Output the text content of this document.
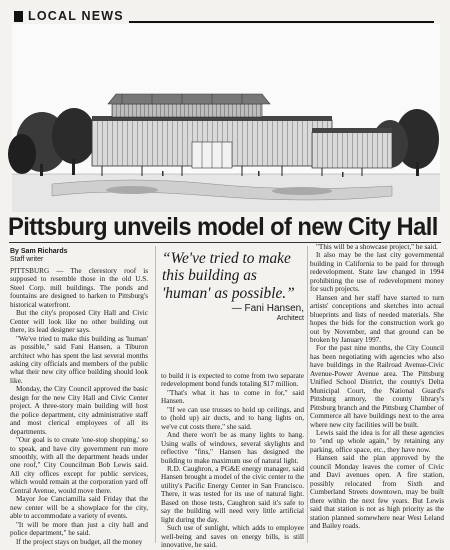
LOCAL NEWS
Pittsburg unveils model of new City Hall
By Sam Richards
Staff writer

PITTSBURG — The clerestory roof is supposed to resemble those in the old U.S. Steel Corp. mill buildings. The ponds and fountains are designed to harken to Pittsburg's historical waterfront.

But the city's proposed City Hall and Civic Center will look like no other building out there, its lead designer says.

"We've tried to make this building as 'human' as possible," said Fani Hansen, a Tiburon architect who has spent the last several months asking city officials and members of the public what their new city office building should look like.

Monday, the City Council approved the basic design for the new City Hall and Civic Center project. A three-story main building will host the police department, city administrative staff and most clerical employees of all its departments.

"Our goal is to create 'one-stop shopping,' so to speak, and have city government run more smoothly, with all the department heads under one roof," City Councilman Bob Lewis said. All city offices except for public services, which would remain at the corporation yard off Central Avenue, would move there.

Mayor Joe Canciamilla said Friday that the new center will be a showplace for the city, able to accommodate a variety of events.

"It will be more than just a city hall and police department," he said.

If the project stays on budget, all the money

“We've tried to make this building as 'human' as possible.”
— Fani Hansen,
Architect

to build it is expected to come from two separate redevelopment bond funds totaling $17 million.

"That's what it has to come in for," said Hansen.

"If we can use trusses to hold up ceilings, and to (hold up) air ducts, and to hang lights on, we've cut costs there," she said.

And there won't be as many lights to hang. Using walls of windows, several skylights and reflective "fins," Hansen has designed the building to make maximum use of natural light.

R.D. Caughron, a PG&E energy manager, said Hansen brought a model of the civic center to the utility's Pacific Energy Center in San Francisco. There, it was tested for its use of natural light. Based on those tests, Caughron said it's safe to say the building will need very little artificial light during the day.

Such use of sunlight, which adds to employee well-being and saves on energy bills, is still innovative, he said.

"This will be a showcase project," he said.

It also may be the last city governmental building in California to be paid for through redevelopment. State law changed in 1994 prohibiting the use of redevelopment money for such projects.

Hansen and her staff have started to turn artists' conceptions and sketches into actual blueprints and lists of needed materials. She hopes the bids for the construction work go out by November, and that ground can be broken by January 1997.

For the past nine months, the City Council has been negotiating with agencies who also have buildings in the Railroad Avenue-Civic Avenue-Power Avenue area. The Pittsburg Unified School District, the county's Delta Municipal Court, the National Guard's Pittsburg armory, the county library's Pittsburg branch and the Pittsburg Chamber of Commerce all have buildings next to the area where new city facilities will be built.

Lewis said the idea is for all these agencies to "end up whole again," by retaining any parking, office space, etc., they have now.

Hansen said the plan approved by the council Monday leaves the corner of Civic and Davi avenues open. A fire station, possibly relocated from Sixth and Cumberland Streets downtown, may be built there within the next few years. But Lewis said that station is not as high priority as the station planned somewhere near West Leland and Bailey roads.
